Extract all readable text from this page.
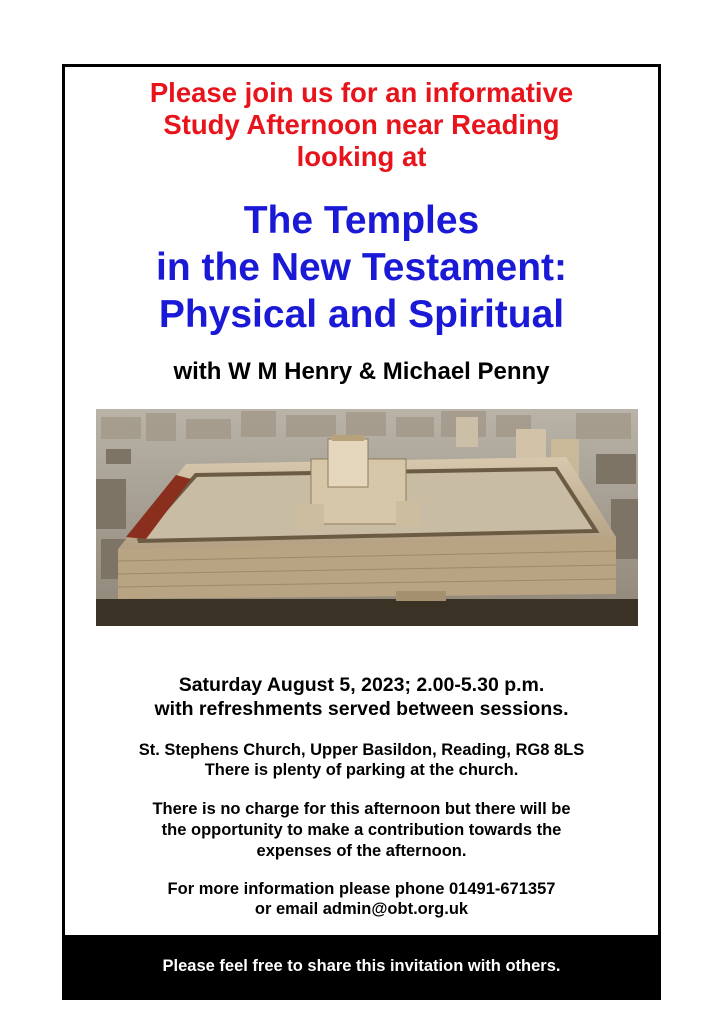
Please join us for an informative
Study Afternoon near Reading
looking at
The Temples
in the New Testament:
Physical and Spiritual
with W M Henry & Michael Penny
Saturday August 5, 2023; 2.00-5.30 p.m.
with refreshments served between sessions.
St. Stephens Church, Upper Basildon, Reading, RG8 8LS
There is plenty of parking at the church.
There is no charge for this afternoon but there will be
the opportunity to make a contribution towards the
expenses of the afternoon.
For more information please phone 01491-671357
or email admin@obt.org.uk
Please feel free to share this invitation with others.
